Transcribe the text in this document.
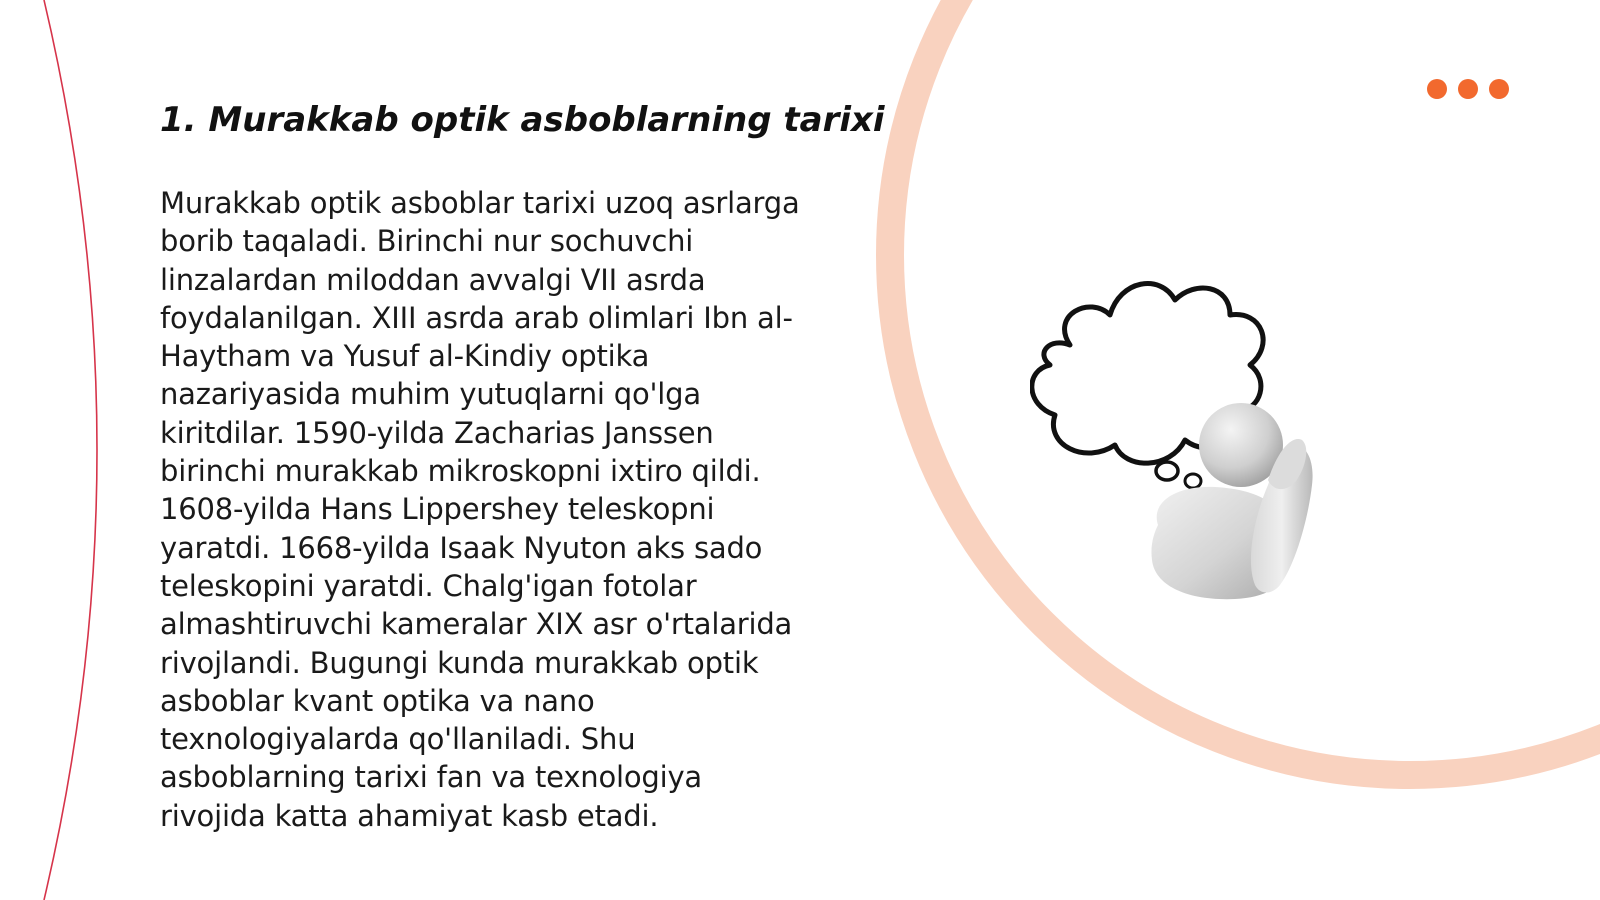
1. Murakkab optik asboblarning tarixi
Murakkab optik asboblar tarixi uzoq asrlarga
borib taqaladi. Birinchi nur sochuvchi
linzalardan miloddan avvalgi VII asrda
foydalanilgan. XIII asrda arab olimlari Ibn al-
Haytham va Yusuf al-Kindiy optika
nazariyasida muhim yutuqlarni qo'lga
kiritdilar. 1590-yilda Zacharias Janssen
birinchi murakkab mikroskopni ixtiro qildi.
1608-yilda Hans Lippershey teleskopni
yaratdi. 1668-yilda Isaak Nyuton aks sado
teleskopini yaratdi. Chalg'igan fotolar
almashtiruvchi kameralar XIX asr o'rtalarida
rivojlandi. Bugungi kunda murakkab optik
asboblar kvant optika va nano
texnologiyalarda qo'llaniladi. Shu
asboblarning tarixi fan va texnologiya
rivojida katta ahamiyat kasb etadi.
